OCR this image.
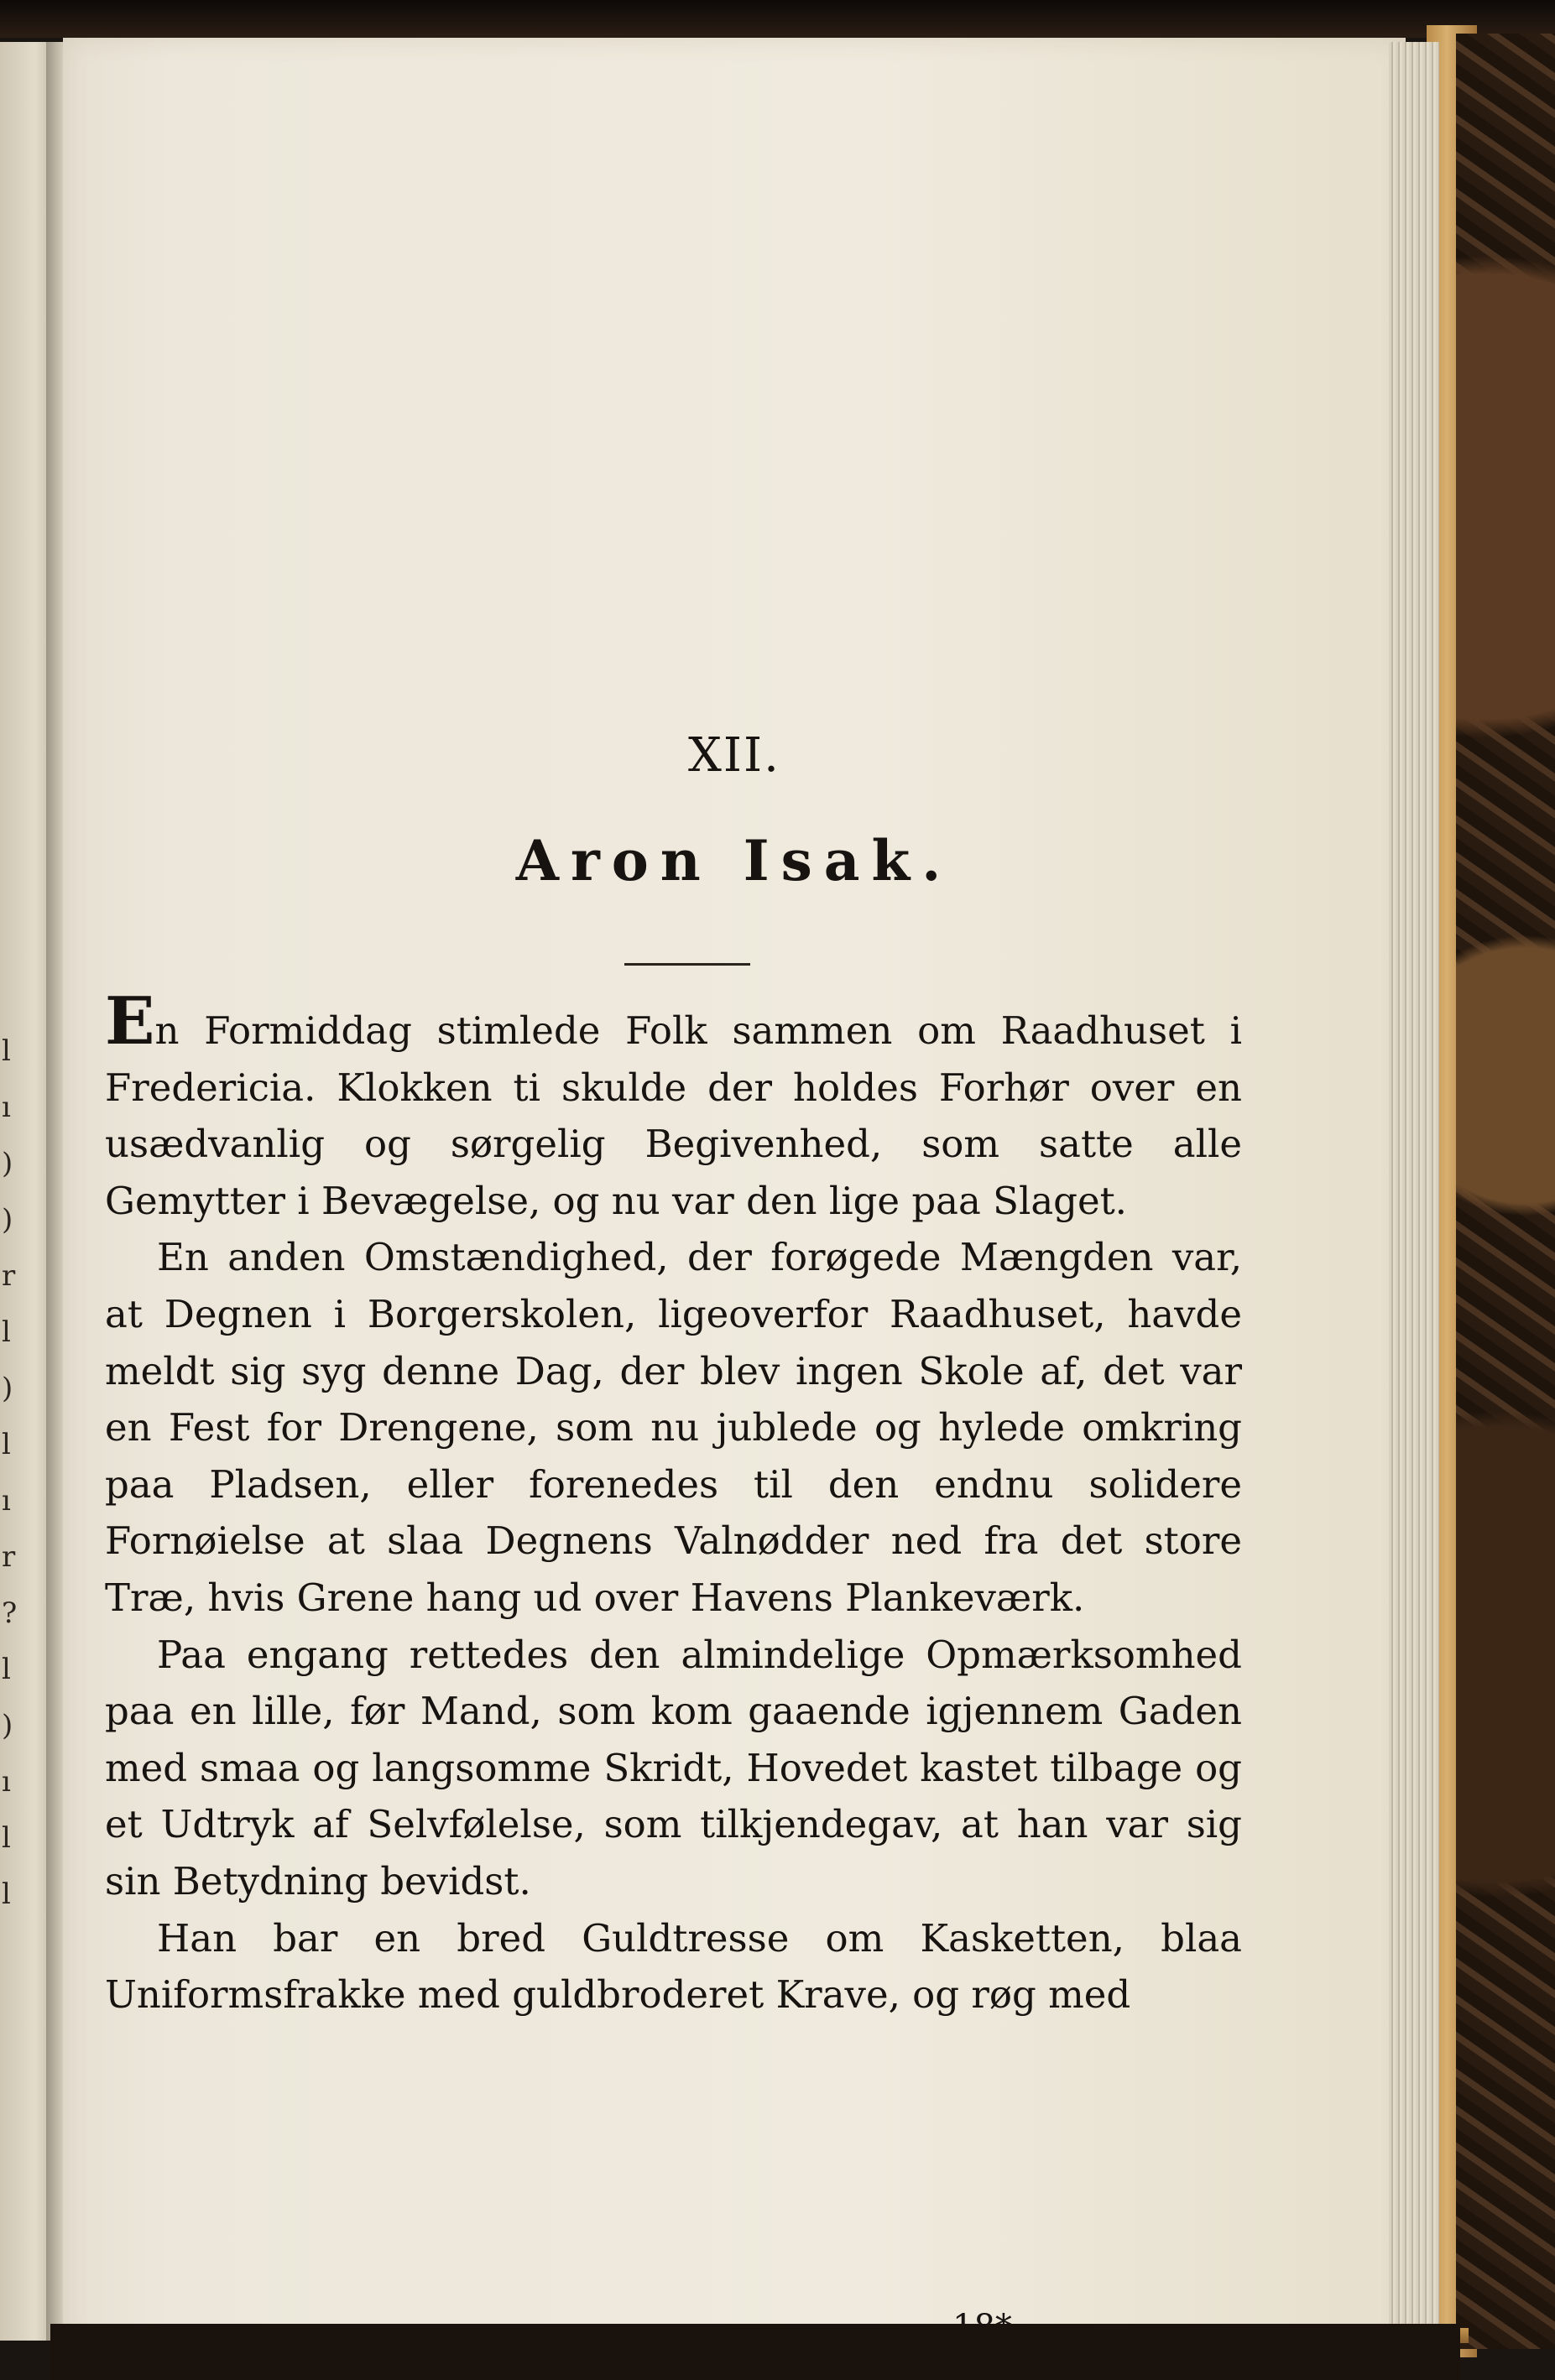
l
ı
)
)
r
l
)
l
ı
r
?
l
)
ı
l
l
XII.
Aron Isak.

En Formiddag stimlede Folk sammen om Raadhuset i Fredericia. Klokken ti skulde der holdes Forhør over en usædvanlig og sørgelig Begivenhed, som satte alle Gemytter i Bevægelse, og nu var den lige paa Slaget.

En anden Omstændighed, der forøgede Mængden var, at Degnen i Borgerskolen, ligeoverfor Raadhuset, havde meldt sig syg denne Dag, der blev ingen Skole af, det var en Fest for Drengene, som nu jublede og hylede omkring paa Pladsen, eller forenedes til den endnu solidere Fornøielse at slaa Degnens Valnødder ned fra det store Træ, hvis Grene hang ud over Havens Plankeværk.

Paa engang rettedes den almindelige Opmærksomhed paa en lille, før Mand, som kom gaaende igjennem Gaden med smaa og langsomme Skridt, Hovedet kastet tilbage og et Udtryk af Selvfølelse, som tilkjendegav, at han var sig sin Betydning bevidst.

Han bar en bred Guldtresse om Kasketten, blaa Uniformsfrakke med guldbroderet Krave, og røg med
